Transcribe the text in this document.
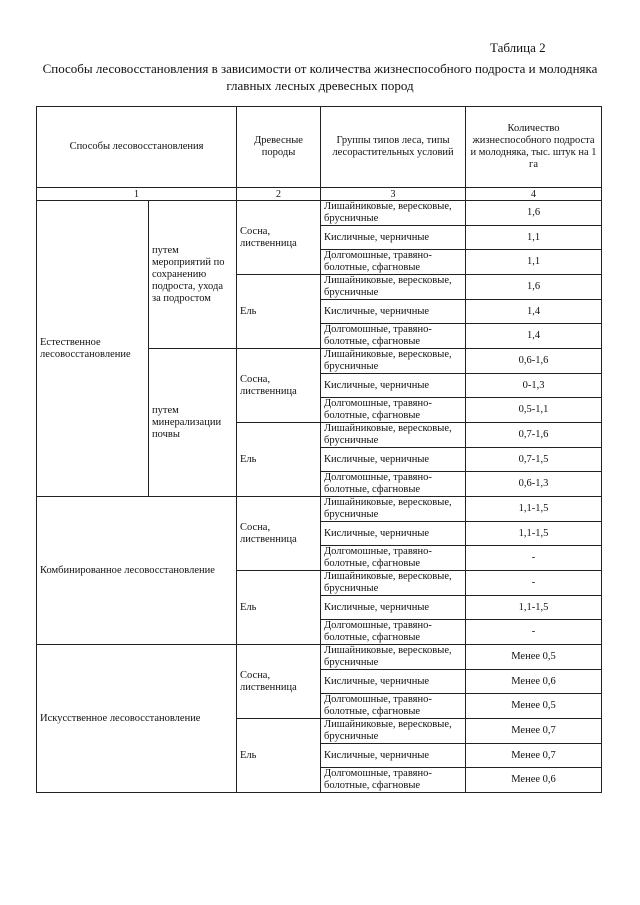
Таблица 2
Способы лесовосстановления в зависимости от количества жизнеспособного подроста и молодняка главных лесных древесных пород
Способы лесовосстановления		Древесные породы	Группы типов леса, типы лесорастительных условий	Количество жизнеспособного подроста и молодняка, тыс. штук на 1 га
1		2	3	4
Естественное лесовосстановление	путем мероприятий по сохранению подроста, ухода за подростом	Сосна, лиственница	Лишайниковые, вересковые, брусничные	1,6
			Кисличные, черничные	1,1
			Долгомошные, травяно-болотные, сфагновые	1,1
		Ель	Лишайниковые, вересковые, брусничные	1,6
			Кисличные, черничные	1,4
			Долгомошные, травяно-болотные, сфагновые	1,4
	путем минерализации почвы	Сосна, лиственница	Лишайниковые, вересковые, брусничные	0,6-1,6
			Кисличные, черничные	0-1,3
			Долгомошные, травяно-болотные, сфагновые	0,5-1,1
		Ель	Лишайниковые, вересковые, брусничные	0,7-1,6
			Кисличные, черничные	0,7-1,5
			Долгомошные, травяно-болотные, сфагновые	0,6-1,3
Комбинированное лесовосстановление		Сосна, лиственница	Лишайниковые, вересковые, брусничные	1,1-1,5
			Кисличные, черничные	1,1-1,5
			Долгомошные, травяно-болотные, сфагновые	-
		Ель	Лишайниковые, вересковые, брусничные	-
			Кисличные, черничные	1,1-1,5
			Долгомошные, травяно-болотные, сфагновые	-
Искусственное лесовосстановление		Сосна, лиственница	Лишайниковые, вересковые, брусничные	Менее 0,5
			Кисличные, черничные	Менее 0,6
			Долгомошные, травяно-болотные, сфагновые	Менее 0,5
		Ель	Лишайниковые, вересковые, брусничные	Менее 0,7
			Кисличные, черничные	Менее 0,7
			Долгомошные, травяно-болотные, сфагновые	Менее 0,6
